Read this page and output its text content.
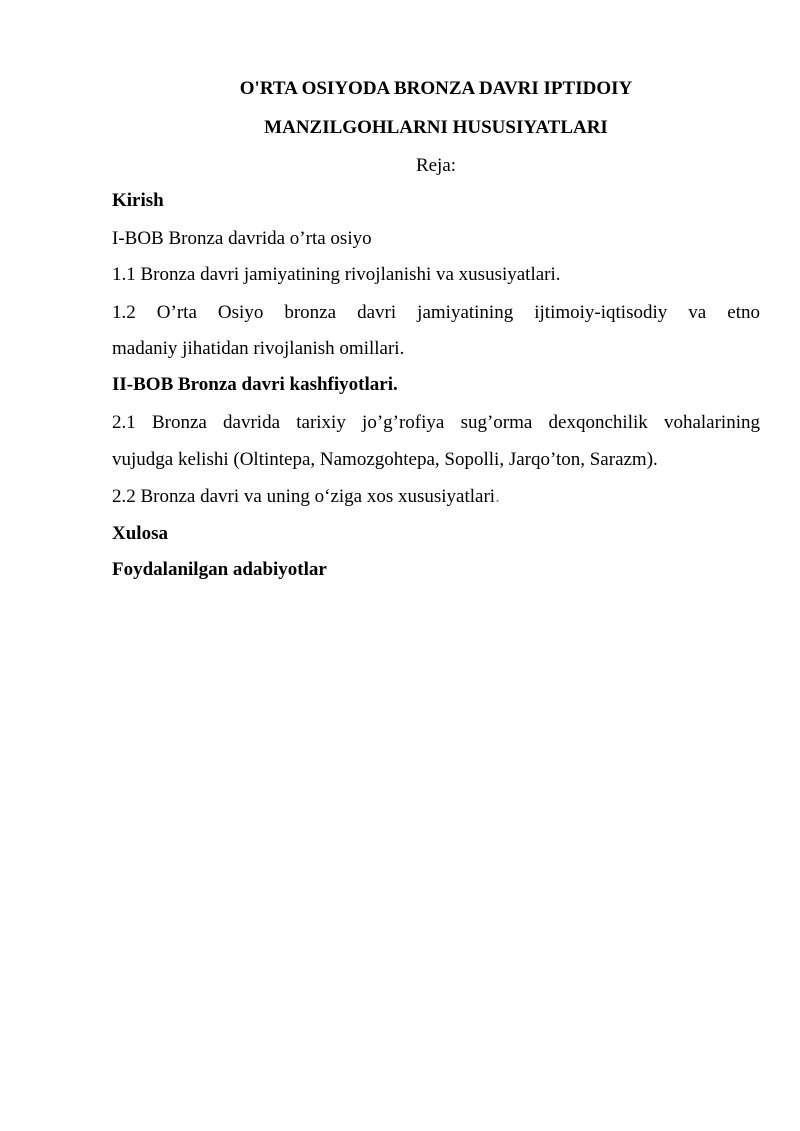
O'RTA OSIYODA BRONZA DAVRI IPTIDOIY
MANZILGOHLARNI HUSUSIYATLARI
Reja:
Kirish
I-BOB Bronza davrida o’rta osiyo
1.1 Bronza davri jamiyatining rivojlanishi va xususiyatlari.
1.2 O’rta Osiyo bronza davri jamiyatining ijtimoiy-iqtisodiy va etno
madaniy jihatidan rivojlanish omillari.
II-BOB Bronza davri kashfiyotlari.
2.1 Bronza davrida tarixiy jo’g’rofiya sug’orma dexqonchilik vohalarining
vujudga kelishi (Oltintepa, Namozgohtepa, Sopolli, Jarqo’ton, Sarazm).
2.2 Bronza davri va uning o‘ziga xos xususiyatlari.
Xulosa
Foydalanilgan adabiyotlar
